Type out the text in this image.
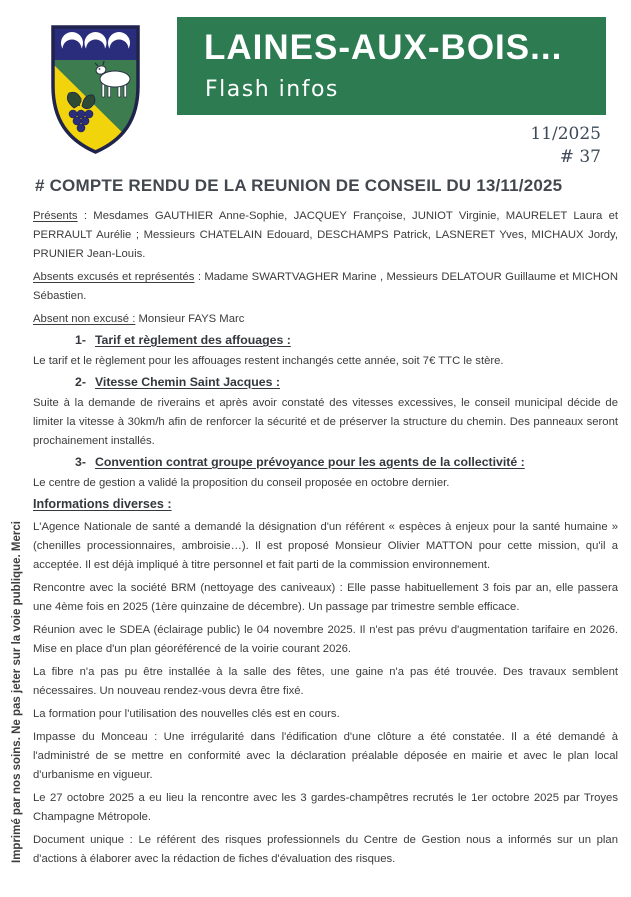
LAINES-AUX-BOIS...
Flash infos
11/2025
# 37
# COMPTE RENDU DE LA REUNION DE CONSEIL DU 13/11/2025

Présents : Mesdames GAUTHIER Anne-Sophie, JACQUEY Françoise, JUNIOT Virginie, MAURELET Laura et PERRAULT Aurélie ; Messieurs CHATELAIN Edouard, DESCHAMPS Patrick, LASNERET Yves, MICHAUX Jordy, PRUNIER Jean-Louis.

Absents excusés et représentés : Madame SWARTVAGHER Marine , Messieurs DELATOUR Guillaume et MICHON Sébastien.

Absent non excusé : Monsieur FAYS Marc

1- Tarif et règlement des affouages :

Le tarif et le règlement pour les affouages restent inchangés cette année, soit 7€ TTC le stère.

2- Vitesse Chemin Saint Jacques :

Suite à la demande de riverains et après avoir constaté des vitesses excessives, le conseil municipal décide de limiter la vitesse à 30km/h afin de renforcer la sécurité et de préserver la structure du chemin. Des panneaux seront prochainement installés.

3- Convention contrat groupe prévoyance pour les agents de la collectivité :

Le centre de gestion a validé la proposition du conseil proposée en octobre dernier.

Informations diverses :

L'Agence Nationale de santé a demandé la désignation d'un référent « espèces à enjeux pour la santé humaine » (chenilles processionnaires, ambroisie…). Il est proposé Monsieur Olivier MATTON pour cette mission, qu'il a acceptée. Il est déjà impliqué à titre personnel et fait parti de la commission environnement.

Rencontre avec la société BRM (nettoyage des caniveaux) : Elle passe habituellement 3 fois par an, elle passera une 4ème fois en 2025 (1ère quinzaine de décembre). Un passage par trimestre semble efficace.

Réunion avec le SDEA (éclairage public) le 04 novembre 2025. Il n'est pas prévu d'augmentation tarifaire en 2026. Mise en place d'un plan géoréférencé de la voirie courant 2026.

La fibre n'a pas pu être installée à la salle des fêtes, une gaine n'a pas été trouvée. Des travaux semblent nécessaires. Un nouveau rendez-vous devra être fixé.

La formation pour l'utilisation des nouvelles clés est en cours.

Impasse du Monceau : Une irrégularité dans l'édification d'une clôture a été constatée. Il a été demandé à l'administré de se mettre en conformité avec la déclaration préalable déposée en mairie et avec le plan local d'urbanisme en vigueur.

Le 27 octobre 2025 a eu lieu la rencontre avec les 3 gardes-champêtres recrutés le 1er octobre 2025 par Troyes Champagne Métropole.

Document unique : Le référent des risques professionnels du Centre de Gestion nous a informés sur un plan d'actions à élaborer avec la rédaction de fiches d'évaluation des risques.

Imprimé par nos soins. Ne pas jeter sur la voie publique. Merci
